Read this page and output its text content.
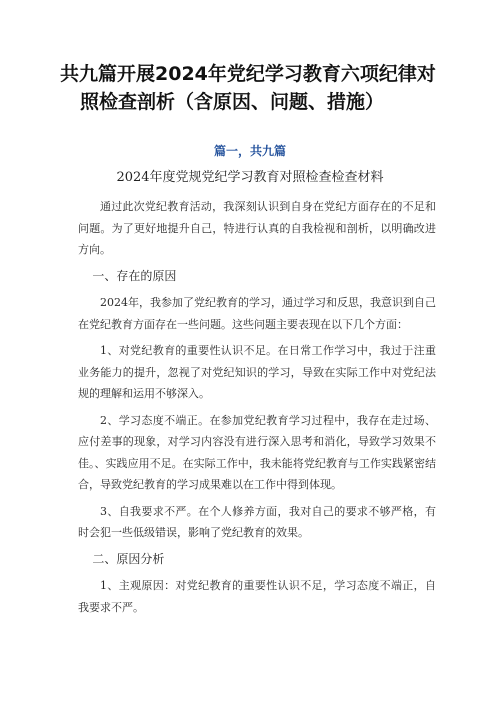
共九篇开展2024年党纪学习教育六项纪律对
照检查剖析（含原因、问题、措施）
篇一，共九篇
2024年度党规党纪学习教育对照检查检查材料

通过此次党纪教育活动，我深刻认识到自身在党纪方面存在的不足和问题。为了更好地提升自己，特进行认真的自我检视和剖析，以明确改进方向。

一、存在的原因

2024年，我参加了党纪教育的学习，通过学习和反思，我意识到自己在党纪教育方面存在一些问题。这些问题主要表现在以下几个方面：

1、对党纪教育的重要性认识不足。在日常工作学习中，我过于注重业务能力的提升，忽视了对党纪知识的学习，导致在实际工作中对党纪法规的理解和运用不够深入。

2、学习态度不端正。在参加党纪教育学习过程中，我存在走过场、应付差事的现象，对学习内容没有进行深入思考和消化，导致学习效果不佳。、实践应用不足。在实际工作中，我未能将党纪教育与工作实践紧密结合，导致党纪教育的学习成果难以在工作中得到体现。

3、自我要求不严。在个人修养方面，我对自己的要求不够严格，有时会犯一些低级错误，影响了党纪教育的效果。

二、原因分析

1、主观原因：对党纪教育的重要性认识不足，学习态度不端正，自我要求不严。
